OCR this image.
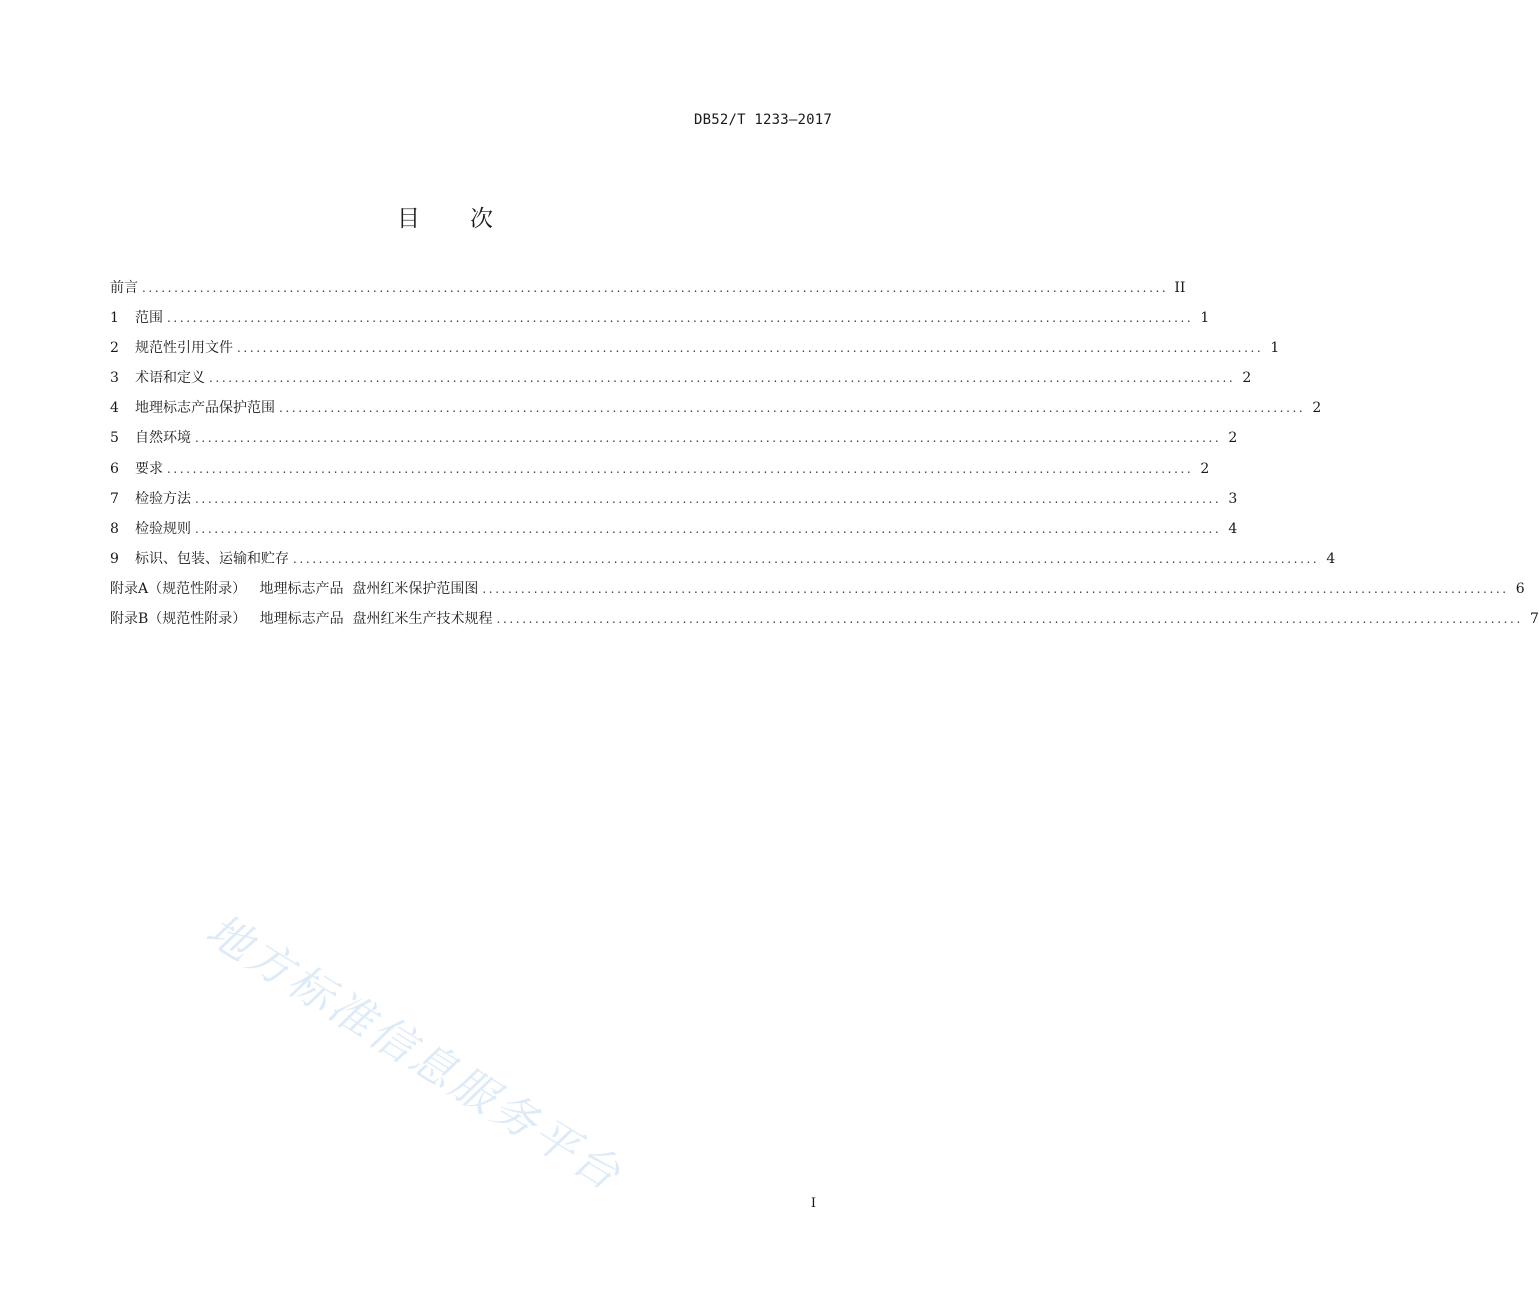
DB52/T 1233—2017
目次
前言 ................................................................................................................................................................ II
1	范围 ................................................................................................................................................................ 1
2	规范性引用文件 ................................................................................................................................................................ 1
3	术语和定义 ................................................................................................................................................................ 2
4	地理标志产品保护范围 ................................................................................................................................................................ 2
5	自然环境 ................................................................................................................................................................ 2
6	要求 ................................................................................................................................................................ 2
7	检验方法 ................................................................................................................................................................ 3
8	检验规则 ................................................................................................................................................................ 4
9	标识、包装、运输和贮存 ................................................................................................................................................................ 4
附录A（规范性附录）   地理标志产品  盘州红米保护范围图 ................................................................................................................................................................ 6
附录B（规范性附录）   地理标志产品  盘州红米生产技术规程 ................................................................................................................................................................ 7
地方标准信息服务平台
I
